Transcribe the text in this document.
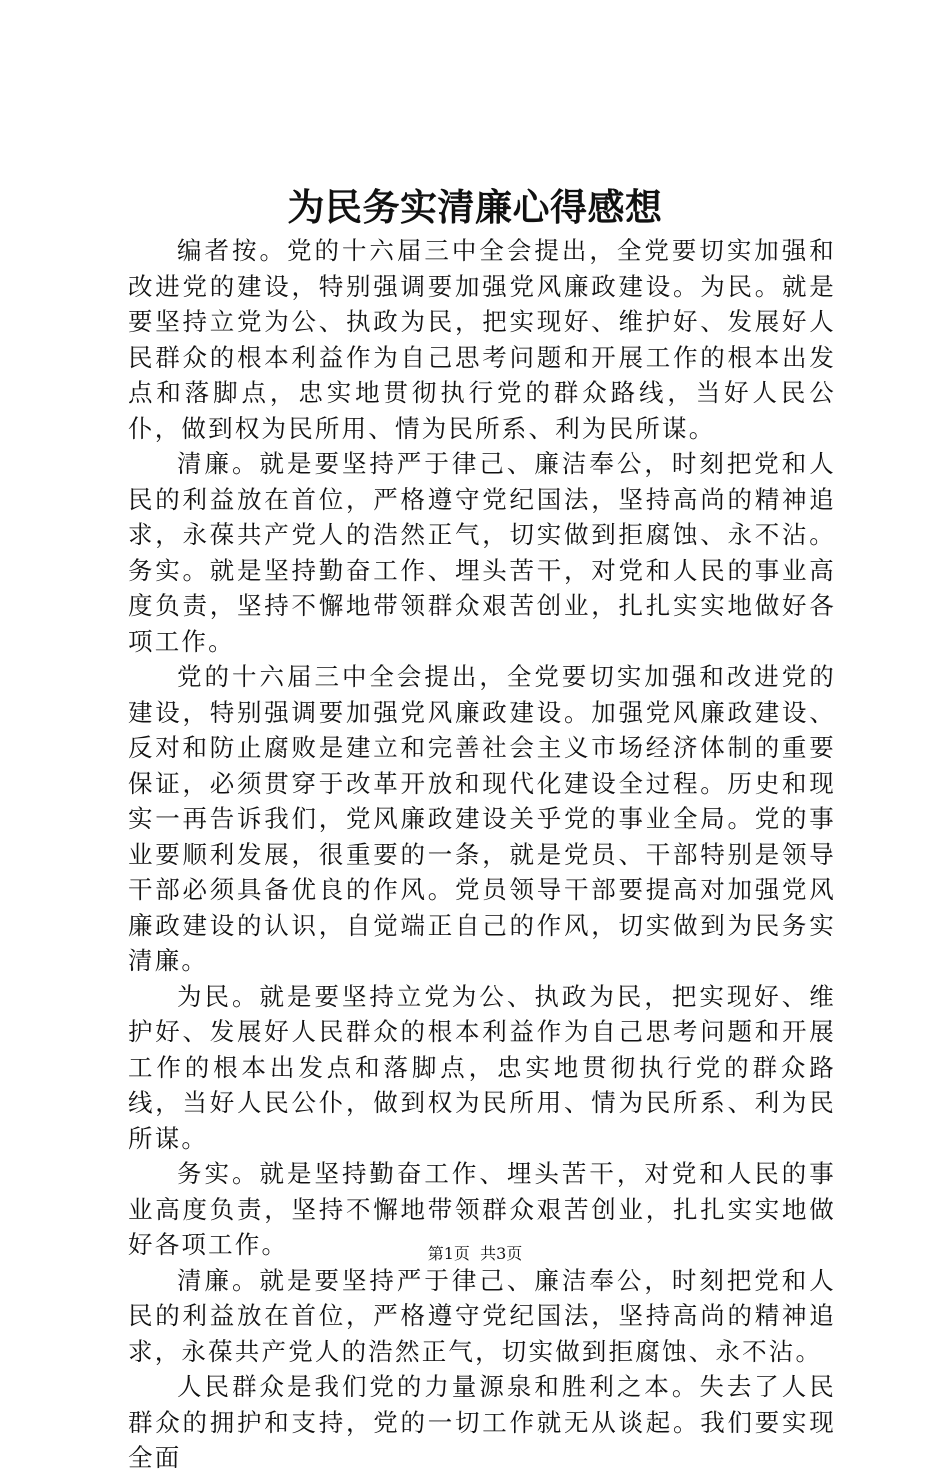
为民务实清廉心得感想

编者按。党的十六届三中全会提出，全党要切实加强和改进党的建设，特别强调要加强党风廉政建设。为民。就是要坚持立党为公、执政为民，把实现好、维护好、发展好人民群众的根本利益作为自己思考问题和开展工作的根本出发点和落脚点，忠实地贯彻执行党的群众路线，当好人民公仆，做到权为民所用、情为民所系、利为民所谋。

清廉。就是要坚持严于律己、廉洁奉公，时刻把党和人民的利益放在首位，严格遵守党纪国法，坚持高尚的精神追求，永葆共产党人的浩然正气，切实做到拒腐蚀、永不沾。务实。就是坚持勤奋工作、埋头苦干，对党和人民的事业高度负责，坚持不懈地带领群众艰苦创业，扎扎实实地做好各项工作。

党的十六届三中全会提出，全党要切实加强和改进党的建设，特别强调要加强党风廉政建设。加强党风廉政建设、反对和防止腐败是建立和完善社会主义市场经济体制的重要保证，必须贯穿于改革开放和现代化建设全过程。历史和现实一再告诉我们，党风廉政建设关乎党的事业全局。党的事业要顺利发展，很重要的一条，就是党员、干部特别是领导干部必须具备优良的作风。党员领导干部要提高对加强党风廉政建设的认识，自觉端正自己的作风，切实做到为民务实清廉。

为民。就是要坚持立党为公、执政为民，把实现好、维护好、发展好人民群众的根本利益作为自己思考问题和开展工作的根本出发点和落脚点，忠实地贯彻执行党的群众路线，当好人民公仆，做到权为民所用、情为民所系、利为民所谋。

务实。就是坚持勤奋工作、埋头苦干，对党和人民的事业高度负责，坚持不懈地带领群众艰苦创业，扎扎实实地做好各项工作。

清廉。就是要坚持严于律己、廉洁奉公，时刻把党和人民的利益放在首位，严格遵守党纪国法，坚持高尚的精神追求，永葆共产党人的浩然正气，切实做到拒腐蚀、永不沾。

人民群众是我们党的力量源泉和胜利之本。失去了人民群众的拥护和支持，党的一切工作就无从谈起。我们要实现全面

第1页 共3页
